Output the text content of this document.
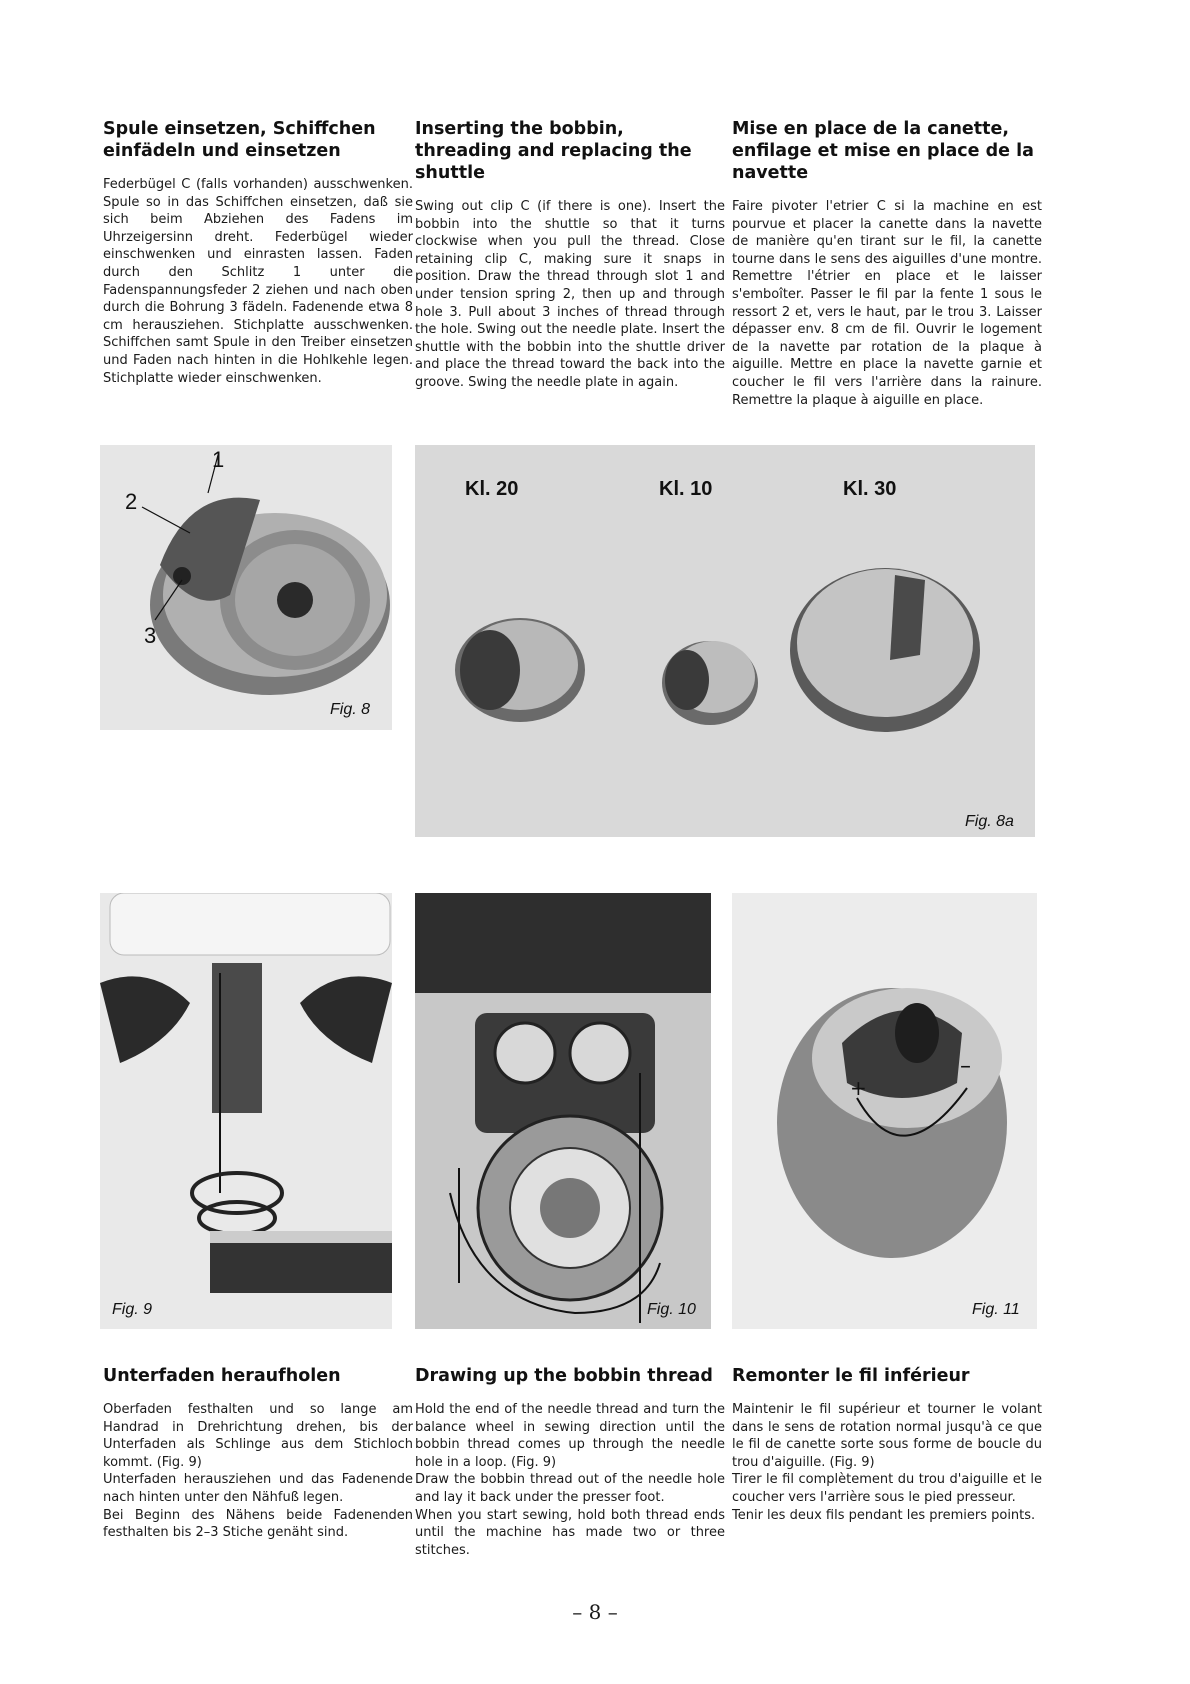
Spule einsetzen, Schiffchen einfädeln und einsetzen
Federbügel C (falls vorhanden) ausschwenken. Spule so in das Schiffchen einsetzen, daß sie sich beim Abziehen des Fadens im Uhrzeigersinn dreht. Federbügel wieder einschwenken und einrasten lassen. Faden durch den Schlitz 1 unter die Fadenspannungsfeder 2 ziehen und nach oben durch die Bohrung 3 fädeln. Fadenende etwa 8 cm herausziehen. Stichplatte ausschwenken. Schiffchen samt Spule in den Treiber einsetzen und Faden nach hinten in die Hohlkehle legen. Stichplatte wieder einschwenken.
Inserting the bobbin, threading and replacing the shuttle
Swing out clip C (if there is one). Insert the bobbin into the shuttle so that it turns clockwise when you pull the thread. Close retaining clip C, making sure it snaps in position. Draw the thread through slot 1 and under tension spring 2, then up and through hole 3. Pull about 3 inches of thread through the hole. Swing out the needle plate. Insert the shuttle with the bobbin into the shuttle driver and place the thread toward the back into the groove. Swing the needle plate in again.
Mise en place de la canette, enfilage et mise en place de la navette
Faire pivoter l'etrier C si la machine en est pourvue et placer la canette dans la navette de manière qu'en tirant sur le fil, la canette tourne dans le sens des aiguilles d'une montre. Remettre l'étrier en place et le laisser s'emboîter. Passer le fil par la fente 1 sous le ressort 2 et, vers le haut, par le trou 3. Laisser dépasser env. 8 cm de fil. Ouvrir le logement de la navette par rotation de la plaque à aiguille. Mettre en place la navette garnie et coucher le fil vers l'arrière dans la rainure. Remettre la plaque à aiguille en place.
1
2
3
Fig. 8
Kl. 20	Kl. 10	Kl. 30
Fig. 8a
Fig. 9	Fig. 10
+
–
Fig. 11
Unterfaden heraufholen

Oberfaden festhalten und so lange am Handrad in Drehrichtung drehen, bis der Unterfaden als Schlinge aus dem Stichloch kommt. (Fig. 9)

Unterfaden herausziehen und das Fadenende nach hinten unter den Nähfuß legen.

Bei Beginn des Nähens beide Fadenenden festhalten bis 2–3 Stiche genäht sind.

Drawing up the bobbin thread

Hold the end of the needle thread and turn the balance wheel in sewing direction until the bobbin thread comes up through the needle hole in a loop. (Fig. 9)

Draw the bobbin thread out of the needle hole and lay it back under the presser foot.

When you start sewing, hold both thread ends until the machine has made two or three stitches.

Remonter le fil inférieur

Maintenir le fil supérieur et tourner le volant dans le sens de rotation normal jusqu'à ce que le fil de canette sorte sous forme de boucle du trou d'aiguille. (Fig. 9)

Tirer le fil complètement du trou d'aiguille et le coucher vers l'arrière sous le pied presseur.

Tenir les deux fils pendant les premiers points.

– 8 –
